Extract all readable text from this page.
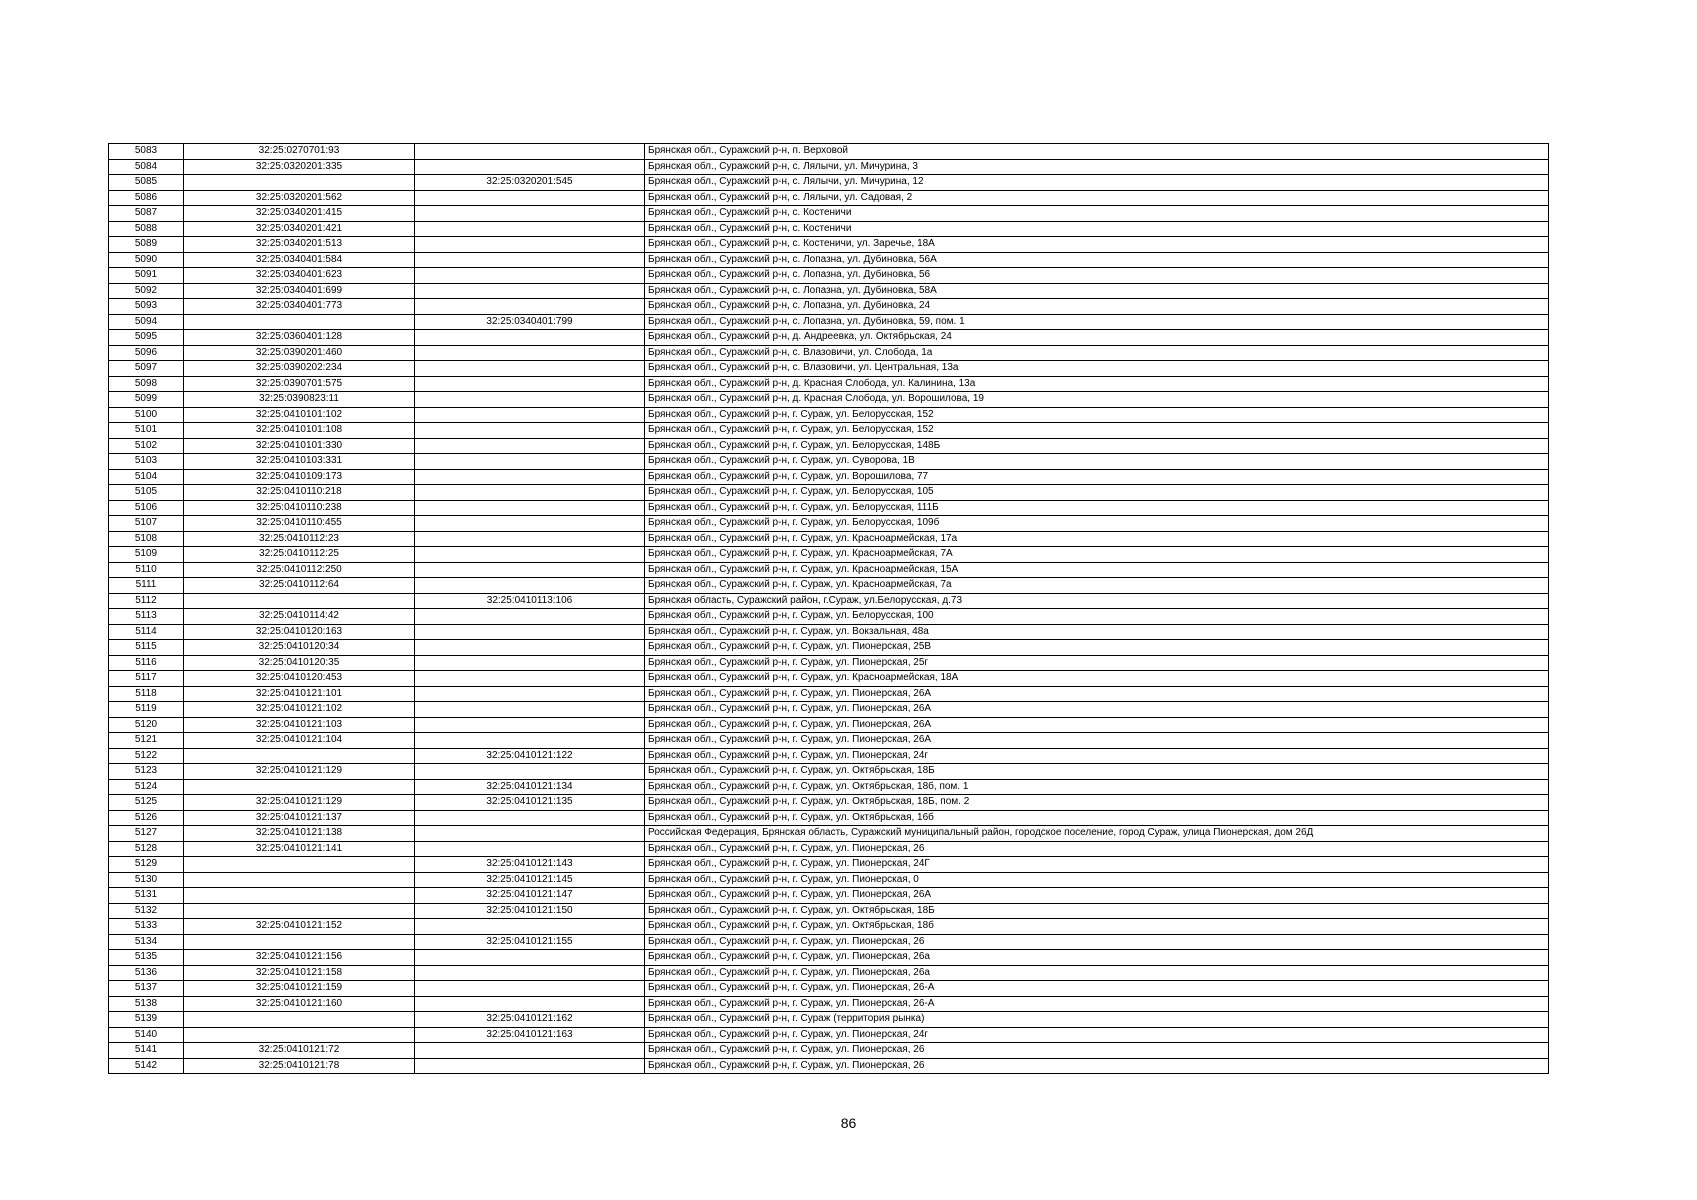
5083	32:25:0270701:93		Брянская обл., Суражский р-н, п. Верховой
5084	32:25:0320201:335		Брянская обл., Суражский р-н, с. Лялычи, ул. Мичурина, 3
5085		32:25:0320201:545	Брянская обл., Суражский р-н, с. Лялычи, ул. Мичурина, 12
5086	32:25:0320201:562		Брянская обл., Суражский р-н, с. Лялычи, ул. Садовая, 2
5087	32:25:0340201:415		Брянская обл., Суражский р-н, с. Костеничи
5088	32:25:0340201:421		Брянская обл., Суражский р-н, с. Костеничи
5089	32:25:0340201:513		Брянская обл., Суражский р-н, с. Костеничи, ул. Заречье, 18А
5090	32:25:0340401:584		Брянская обл., Суражский р-н, с. Лопазна, ул. Дубиновка, 56А
5091	32:25:0340401:623		Брянская обл., Суражский р-н, с. Лопазна, ул. Дубиновка, 56
5092	32:25:0340401:699		Брянская обл., Суражский р-н, с. Лопазна, ул. Дубиновка, 58А
5093	32:25:0340401:773		Брянская обл., Суражский р-н, с. Лопазна, ул. Дубиновка, 24
5094		32:25:0340401:799	Брянская обл., Суражский р-н, с. Лопазна, ул. Дубиновка, 59, пом. 1
5095	32:25:0360401:128		Брянская обл., Суражский р-н, д. Андреевка, ул. Октябрьская, 24
5096	32:25:0390201:460		Брянская обл., Суражский р-н, с. Влазовичи, ул. Слобода, 1а
5097	32:25:0390202:234		Брянская обл., Суражский р-н, с. Влазовичи, ул. Центральная, 13а
5098	32:25:0390701:575		Брянская обл., Суражский р-н, д. Красная Слобода, ул. Калинина, 13а
5099	32:25:0390823:11		Брянская обл., Суражский р-н, д. Красная Слобода, ул. Ворошилова, 19
5100	32:25:0410101:102		Брянская обл., Суражский р-н, г. Сураж, ул. Белорусская, 152
5101	32:25:0410101:108		Брянская обл., Суражский р-н, г. Сураж, ул. Белорусская, 152
5102	32:25:0410101:330		Брянская обл., Суражский р-н, г. Сураж, ул. Белорусская, 148Б
5103	32:25:0410103:331		Брянская обл., Суражский р-н, г. Сураж, ул. Суворова, 1В
5104	32:25:0410109:173		Брянская обл., Суражский р-н, г. Сураж, ул. Ворошилова, 77
5105	32:25:0410110:218		Брянская обл., Суражский р-н, г. Сураж, ул. Белорусская, 105
5106	32:25:0410110:238		Брянская обл., Суражский р-н, г. Сураж, ул. Белорусская, 111Б
5107	32:25:0410110:455		Брянская обл., Суражский р-н, г. Сураж, ул. Белорусская, 109б
5108	32:25:0410112:23		Брянская обл., Суражский р-н, г. Сураж, ул. Красноармейская, 17а
5109	32:25:0410112:25		Брянская обл., Суражский р-н, г. Сураж, ул. Красноармейская, 7А
5110	32:25:0410112:250		Брянская обл., Суражский р-н, г. Сураж, ул. Красноармейская, 15А
5111	32:25:0410112:64		Брянская обл., Суражский р-н, г. Сураж, ул. Красноармейская, 7а
5112		32:25:0410113:106	Брянская область, Суражский район, г.Сураж, ул.Белорусская, д.73
5113	32:25:0410114:42		Брянская обл., Суражский р-н, г. Сураж, ул. Белорусская, 100
5114	32:25:0410120:163		Брянская обл., Суражский р-н, г. Сураж, ул. Вокзальная, 48а
5115	32:25:0410120:34		Брянская обл., Суражский р-н, г. Сураж, ул. Пионерская, 25В
5116	32:25:0410120:35		Брянская обл., Суражский р-н, г. Сураж, ул. Пионерская, 25г
5117	32:25:0410120:453		Брянская обл., Суражский р-н, г. Сураж, ул. Красноармейская, 18А
5118	32:25:0410121:101		Брянская обл., Суражский р-н, г. Сураж, ул. Пионерская, 26А
5119	32:25:0410121:102		Брянская обл., Суражский р-н, г. Сураж, ул. Пионерская, 26А
5120	32:25:0410121:103		Брянская обл., Суражский р-н, г. Сураж, ул. Пионерская, 26А
5121	32:25:0410121:104		Брянская обл., Суражский р-н, г. Сураж, ул. Пионерская, 26А
5122		32:25:0410121:122	Брянская обл., Суражский р-н, г. Сураж, ул. Пионерская, 24г
5123	32:25:0410121:129		Брянская обл., Суражский р-н, г. Сураж, ул. Октябрьская, 18Б
5124		32:25:0410121:134	Брянская обл., Суражский р-н, г. Сураж, ул. Октябрьская, 18б, пом. 1
5125	32:25:0410121:129	32:25:0410121:135	Брянская обл., Суражский р-н, г. Сураж, ул. Октябрьская, 18Б, пом. 2
5126	32:25:0410121:137		Брянская обл., Суражский р-н, г. Сураж, ул. Октябрьская, 16б
5127	32:25:0410121:138		Российская Федерация, Брянская область, Суражский муниципальный район, городское поселение, город Сураж, улица Пионерская, дом 26Д
5128	32:25:0410121:141		Брянская обл., Суражский р-н, г. Сураж, ул. Пионерская, 26
5129		32:25:0410121:143	Брянская обл., Суражский р-н, г. Сураж, ул. Пионерская, 24Г
5130		32:25:0410121:145	Брянская обл., Суражский р-н, г. Сураж, ул. Пионерская, 0
5131		32:25:0410121:147	Брянская обл., Суражский р-н, г. Сураж, ул. Пионерская, 26А
5132		32:25:0410121:150	Брянская обл., Суражский р-н, г. Сураж, ул. Октябрьская, 18Б
5133	32:25:0410121:152		Брянская обл., Суражский р-н, г. Сураж, ул. Октябрьская, 18б
5134		32:25:0410121:155	Брянская обл., Суражский р-н, г. Сураж, ул. Пионерская, 26
5135	32:25:0410121:156		Брянская обл., Суражский р-н, г. Сураж, ул. Пионерская, 26а
5136	32:25:0410121:158		Брянская обл., Суражский р-н, г. Сураж, ул. Пионерская, 26а
5137	32:25:0410121:159		Брянская обл., Суражский р-н, г. Сураж, ул. Пионерская, 26-А
5138	32:25:0410121:160		Брянская обл., Суражский р-н, г. Сураж, ул. Пионерская, 26-А
5139		32:25:0410121:162	Брянская обл., Суражский р-н, г. Сураж (территория рынка)
5140		32:25:0410121:163	Брянская обл., Суражский р-н, г. Сураж, ул. Пионерская, 24г
5141	32:25:0410121:72		Брянская обл., Суражский р-н, г. Сураж, ул. Пионерская, 26
5142	32:25:0410121:78		Брянская обл., Суражский р-н, г. Сураж, ул. Пионерская, 26
86
